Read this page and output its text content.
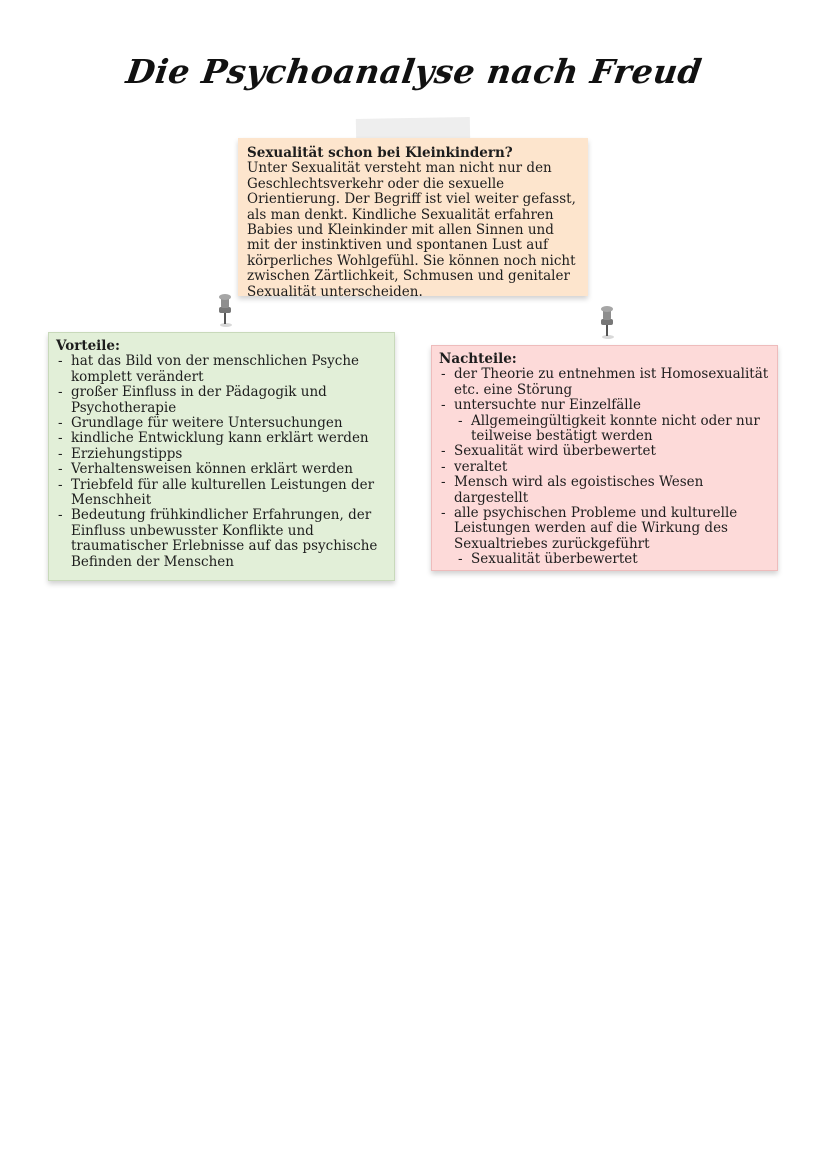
Die Psychoanalyse nach Freud
Sexualität schon bei Kleinkindern?
Unter Sexualität versteht man nicht nur den Geschlechtsverkehr oder die sexuelle Orientierung. Der Begriff ist viel weiter gefasst, als man denkt. Kindliche Sexualität erfahren Babies und Kleinkinder mit allen Sinnen und mit der instinktiven und spontanen Lust auf körperliches Wohlgefühl. Sie können noch nicht zwischen Zärtlichkeit, Schmusen und genitaler Sexualität unterscheiden.
Vorteile:
- hat das Bild von der menschlichen Psyche komplett verändert
- großer Einfluss in der Pädagogik und Psychotherapie
- Grundlage für weitere Untersuchungen
- kindliche Entwicklung kann erklärt werden
- Erziehungstipps
- Verhaltensweisen können erklärt werden
- Triebfeld für alle kulturellen Leistungen der Menschheit
- Bedeutung frühkindlicher Erfahrungen, der Einfluss unbewusster Konflikte und traumatischer Erlebnisse auf das psychische Befinden der Menschen
Nachteile:
- der Theorie zu entnehmen ist Homosexualität etc. eine Störung
- untersuchte nur Einzelfälle
- Allgemeingültigkeit konnte nicht oder nur teilweise bestätigt werden
- Sexualität wird überbewertet
- veraltet
- Mensch wird als egoistisches Wesen dargestellt
- alle psychischen Probleme und kulturelle Leistungen werden auf die Wirkung des Sexualtriebes zurückgeführt
- Sexualität überbewertet
